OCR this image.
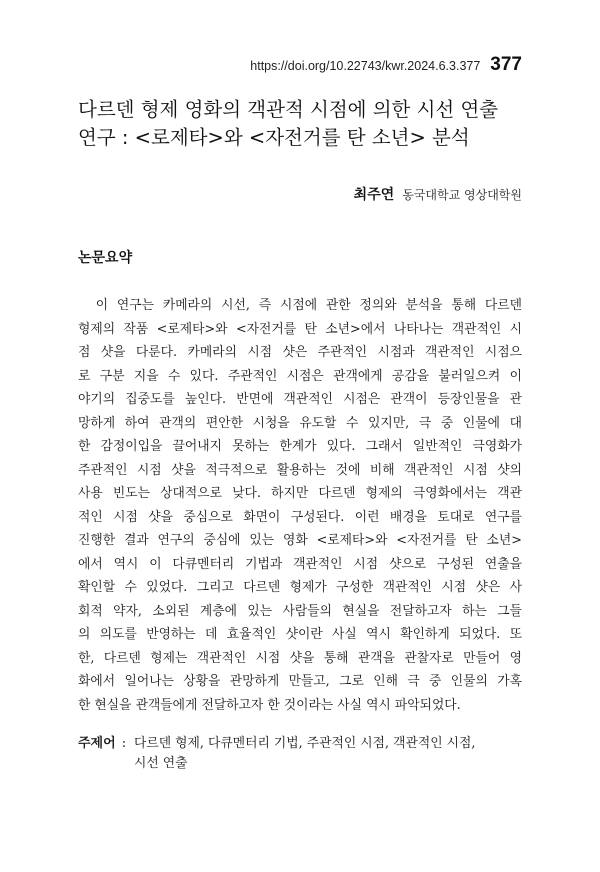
https://doi.org/10.22743/kwr.2024.6.3.377 377
다르덴 형제 영화의 객관적 시점에 의한 시선 연출
연구 : <로제타>와 <자전거를 탄 소년> 분석
최주연 동국대학교 영상대학원
논문요약
이 연구는 카메라의 시선, 즉 시점에 관한 정의와 분석을 통해 다르덴
형제의 작품 <로제타>와 <자전거를 탄 소년>에서 나타나는 객관적인 시
점 샷을 다룬다. 카메라의 시점 샷은 주관적인 시점과 객관적인 시점으
로 구분 지을 수 있다. 주관적인 시점은 관객에게 공감을 불러일으켜 이
야기의 집중도를 높인다. 반면에 객관적인 시점은 관객이 등장인물을 관
망하게 하여 관객의 편안한 시청을 유도할 수 있지만, 극 중 인물에 대
한 감정이입을 끌어내지 못하는 한계가 있다. 그래서 일반적인 극영화가
주관적인 시점 샷을 적극적으로 활용하는 것에 비해 객관적인 시점 샷의
사용 빈도는 상대적으로 낮다. 하지만 다르덴 형제의 극영화에서는 객관
적인 시점 샷을 중심으로 화면이 구성된다. 이런 배경을 토대로 연구를
진행한 결과 연구의 중심에 있는 영화 <로제타>와 <자전거를 탄 소년>
에서 역시 이 다큐멘터리 기법과 객관적인 시점 샷으로 구성된 연출을
확인할 수 있었다. 그리고 다르덴 형제가 구성한 객관적인 시점 샷은 사
회적 약자, 소외된 계층에 있는 사람들의 현실을 전달하고자 하는 그들
의 의도를 반영하는 데 효율적인 샷이란 사실 역시 확인하게 되었다. 또
한, 다르덴 형제는 객관적인 시점 샷을 통해 관객을 관찰자로 만들어 영
화에서 일어나는 상황을 관망하게 만들고, 그로 인해 극 중 인물의 가혹
한 현실을 관객들에게 전달하고자 한 것이라는 사실 역시 파악되었다.
주제어 : 다르덴 형제, 다큐멘터리 기법, 주관적인 시점, 객관적인 시점,
시선 연출
